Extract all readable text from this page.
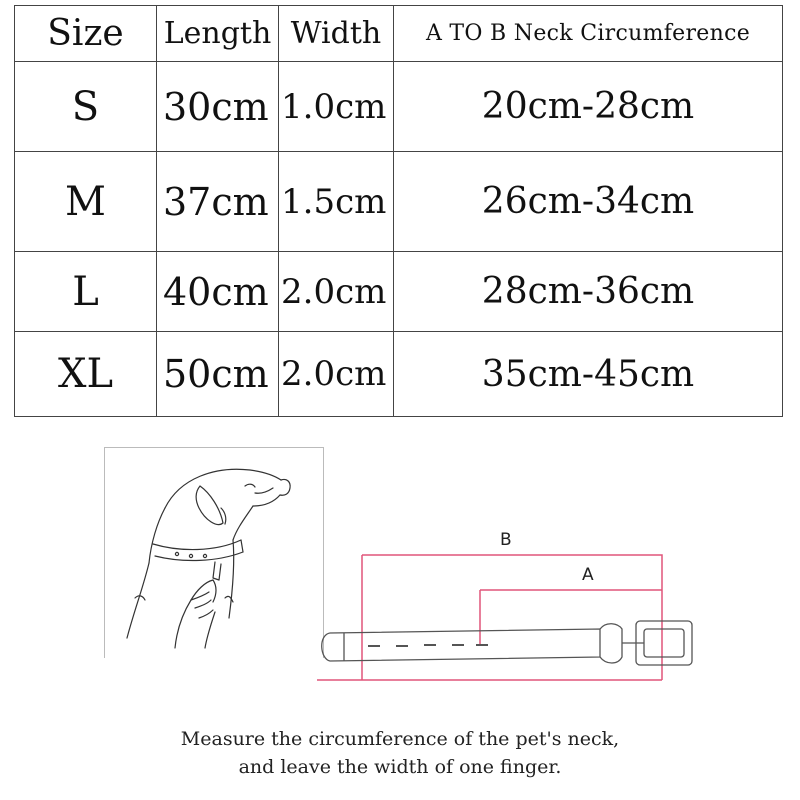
Size	Length	Width	A TO B Neck Circumference
S	30cm	1.0cm	20cm-28cm
M	37cm	1.5cm	26cm-34cm
L	40cm	2.0cm	28cm-36cm
XL	50cm	2.0cm	35cm-45cm
B
A
Measure the circumference of the pet's neck,
and leave the width of one finger.
